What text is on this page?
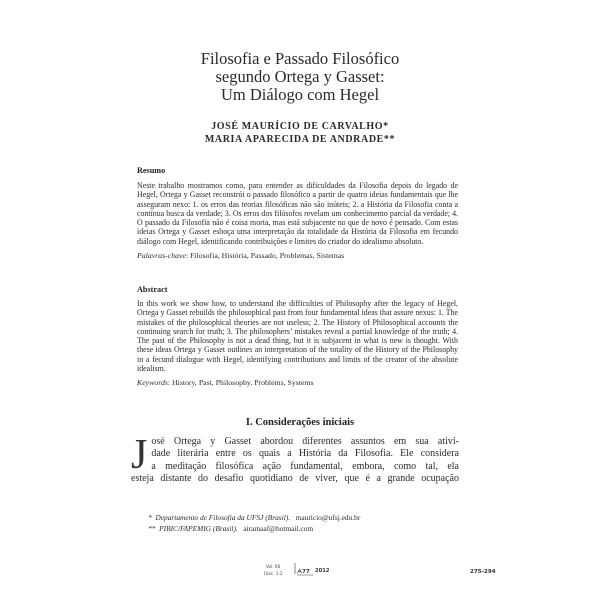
Filosofia e Passado Filosófico
segundo Ortega y Gasset:
Um Diálogo com Hegel
JOSÉ MAURÍCIO DE CARVALHO*
MARIA APARECIDA DE ANDRADE**
Resumo
Neste trabalho mostramos como, para entender as dificuldades da Filosofia depois do legado de Hegel, Ortega y Gasset reconstrói o passado filosófico a partir de quatro ideias fundamentais que lhe asseguram nexo: 1. os erros das teorias filosóficas não são inúteis; 2. a História da Filosofia conta a contínua busca da verdade; 3. Os erros dos filósofos revelam um conhecimento parcial da verdade; 4. O passado da Filosofia não é coisa morta, mas está subjacente no que de novo é pensado. Com estas ideias Ortega y Gasset esboça uma interpretação da totalidade da História da Filosofia em fecundo diálogo com Hegel, identificando contribuições e limites do criador do idealismo absoluto.
Palavras-chave: Filosofia, História, Passado, Problemas, Sistemas
Abstract
In this work we show how, to understand the difficulties of Philosophy after the legacy of Hegel, Ortega y Gasset rebuilds the philosophical past from four fundamental ideas that assure nexus: 1. The mistakes of the philosophical theories are not useless; 2. The History of Philosophical accounts the continuing search for truth; 3. The philosophers’ mistakes reveal a partial knowledge of the truth; 4. The past of the Philosophy is not a dead thing, but it is subjacent in what is new is thought. With these ideas Ortega y Gasset outlines an interpretation of the totality of the History of the Philosophy in a fecund dialogue with Hegel, identifying contributions and limits of the creator of the absolute idealism.
Keywords: History, Past, Philosophy, Problems, Systems
I. Considerações iniciais
J osé Ortega y Gasset abordou diferentes assuntos em sua ativi-
dade literária entre os quais a História da Filosofia. Ele considera
a meditação filosófica ação fundamental, embora, como tal, ela
esteja distante do desafio quotidiano de viver, que é a grande ocupação
* Departamento de Filosofia da UFSJ (Brasil). mauricio@ufsj.edu.br
** PIBIC/FAPEMIG (Brasil). airamaaf@hotmail.com
Vol. 66
Fasc. 1-2	ᗅ77 2012	275-294
